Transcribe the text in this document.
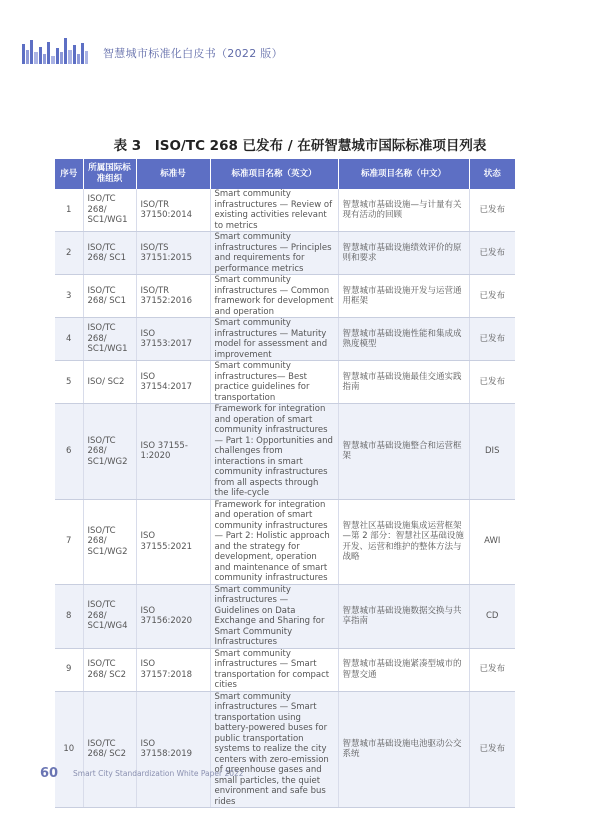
智慧城市标准化白皮书（2022 版）
表 3　ISO/TC 268 已发布 / 在研智慧城市国际标准项目列表
序号	所属国际标准组织	标准号	标准项目名称（英文）	标准项目名称（中文）	状态
1	ISO/TC 268/ SC1/WG1	ISO/TR 37150:2014	Smart community infrastructures — Review of existing activities relevant to metrics	智慧城市基础设施—与计量有关现有活动的回顾	已发布
2	ISO/TC 268/ SC1	ISO/TS 37151:2015	Smart community infrastructures — Principles and requirements for performance metrics	智慧城市基础设施绩效评价的原则和要求	已发布
3	ISO/TC 268/ SC1	ISO/TR 37152:2016	Smart community infrastructures — Common framework for development and operation	智慧城市基础设施开发与运营通用框架	已发布
4	ISO/TC 268/ SC1/WG1	ISO 37153:2017	Smart community infrastructures — Maturity model for assessment and improvement	智慧城市基础设施性能和集成成熟度模型	已发布
5	ISO/ SC2	ISO 37154:2017	Smart community infrastructures— Best practice guidelines for transportation	智慧城市基础设施最佳交通实践指南	已发布
6	ISO/TC 268/ SC1/WG2	ISO 37155-1:2020	Framework for integration and operation of smart community infrastructures— Part 1: Opportunities and challenges from interactions in smart community infrastructures from all aspects through the life-cycle	智慧城市基础设施整合和运营框架	DIS
7	ISO/TC 268/ SC1/WG2	ISO 37155:2021	Framework for integration and operation of smart community infrastructures— Part 2: Holistic approach and the strategy for development, operation and maintenance of smart community infrastructures	智慧社区基础设施集成运营框架—第 2 部分：智慧社区基础设施开发、运营和维护的整体方法与战略	AWI
8	ISO/TC 268/ SC1/WG4	ISO 37156:2020	Smart community infrastructures — Guidelines on Data Exchange and Sharing for Smart Community Infrastructures	智慧城市基础设施数据交换与共享指南	CD
9	ISO/TC 268/ SC2	ISO 37157:2018	Smart community infrastructures — Smart transportation for compact cities	智慧城市基础设施紧凑型城市的智慧交通	已发布
10	ISO/TC 268/ SC2	ISO 37158:2019	Smart community infrastructures — Smart transportation using battery-powered buses for public transportation systems to realize the city centers with zero-emission of greenhouse gases and small particles, the quiet environment and safe bus rides	智慧城市基础设施电池驱动公交系统	已发布
60 Smart City Standardization White Paper 2022
